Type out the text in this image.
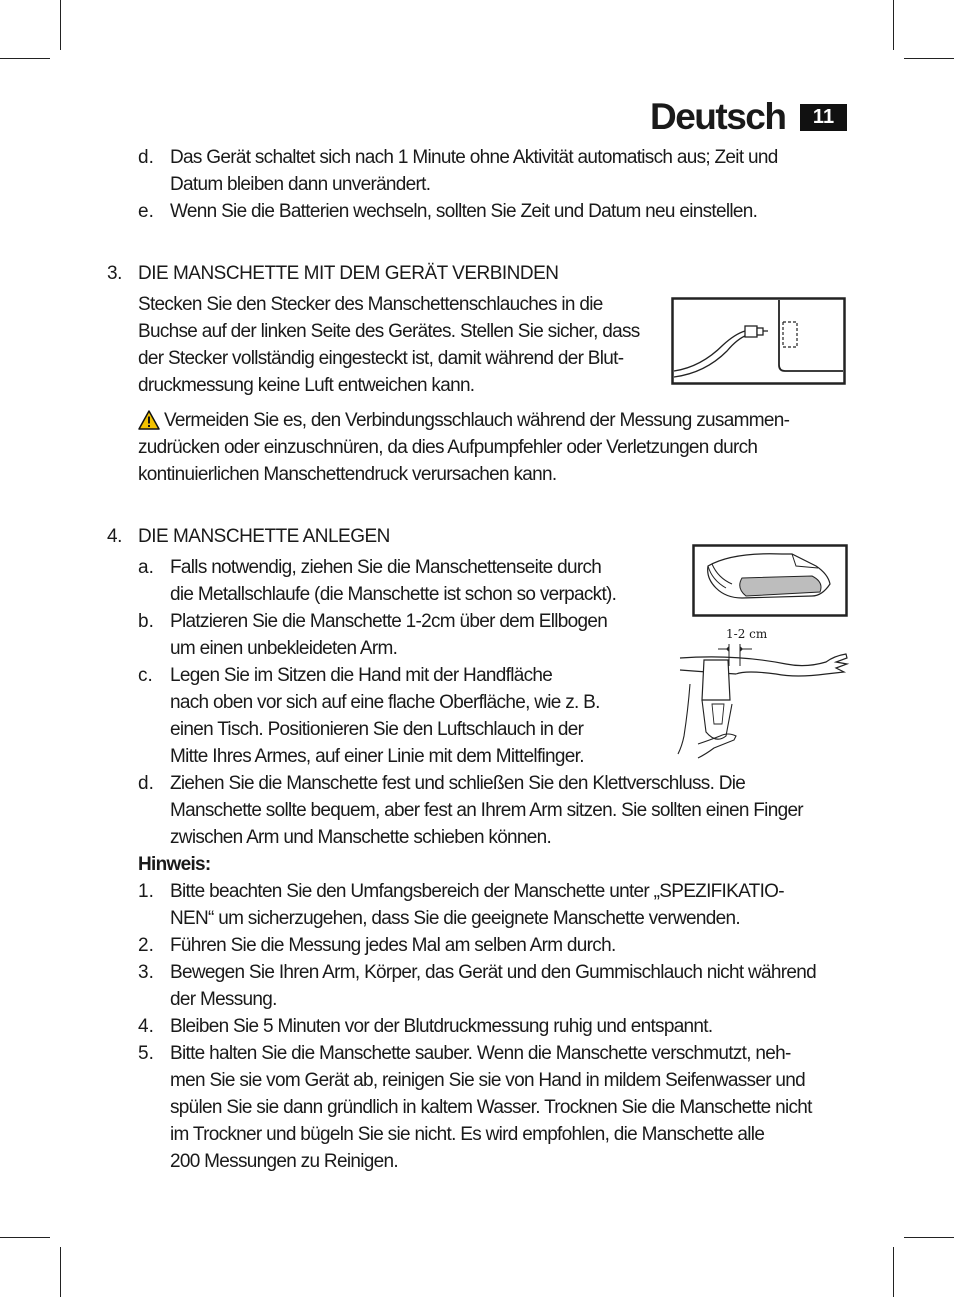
Deutsch	11
d. Das Gerät schaltet sich nach 1 Minute ohne Aktivität automatisch aus; Zeit und
Datum bleiben dann unverändert.
e. Wenn Sie die Batterien wechseln, sollten Sie Zeit und Datum neu einstellen.
3. DIE MANSCHETTE MIT DEM GERÄT VERBINDEN
Stecken Sie den Stecker des Manschettenschlauches in die
Buchse auf der linken Seite des Gerätes. Stellen Sie sicher, dass
der Stecker vollständig eingesteckt ist, damit während der Blut-
druckmessung keine Luft entweichen kann.
Vermeiden Sie es, den Verbindungsschlauch während der Messung zusammen-
zudrücken oder einzuschnüren, da dies Aufpumpfehler oder Verletzungen durch
kontinuierlichen Manschettendruck verursachen kann.
4. DIE MANSCHETTE ANLEGEN
a. Falls notwendig, ziehen Sie die Manschettenseite durch
die Metallschlaufe (die Manschette ist schon so verpackt).
b. Platzieren Sie die Manschette 1-2cm über dem Ellbogen
um einen unbekleideten Arm.
c. Legen Sie im Sitzen die Hand mit der Handfläche
nach oben vor sich auf eine flache Oberfläche, wie z. B.
einen Tisch. Positionieren Sie den Luftschlauch in der
Mitte Ihres Armes, auf einer Linie mit dem Mittelfinger.
d. Ziehen Sie die Manschette fest und schließen Sie den Klettverschluss. Die
Manschette sollte bequem, aber fest an Ihrem Arm sitzen. Sie sollten einen Finger
zwischen Arm und Manschette schieben können.
1-2 cm
Hinweis:
1. Bitte beachten Sie den Umfangsbereich der Manschette unter „SPEZIFIKATIO-
NEN“ um sicherzugehen, dass Sie die geeignete Manschette verwenden.
2. Führen Sie die Messung jedes Mal am selben Arm durch.
3. Bewegen Sie Ihren Arm, Körper, das Gerät und den Gummischlauch nicht während
der Messung.
4. Bleiben Sie 5 Minuten vor der Blutdruckmessung ruhig und entspannt.
5. Bitte halten Sie die Manschette sauber. Wenn die Manschette verschmutzt, neh-
men Sie sie vom Gerät ab, reinigen Sie sie von Hand in mildem Seifenwasser und
spülen Sie sie dann gründlich in kaltem Wasser. Trocknen Sie die Manschette nicht
im Trockner und bügeln Sie sie nicht. Es wird empfohlen, die Manschette alle
200 Messungen zu Reinigen.
